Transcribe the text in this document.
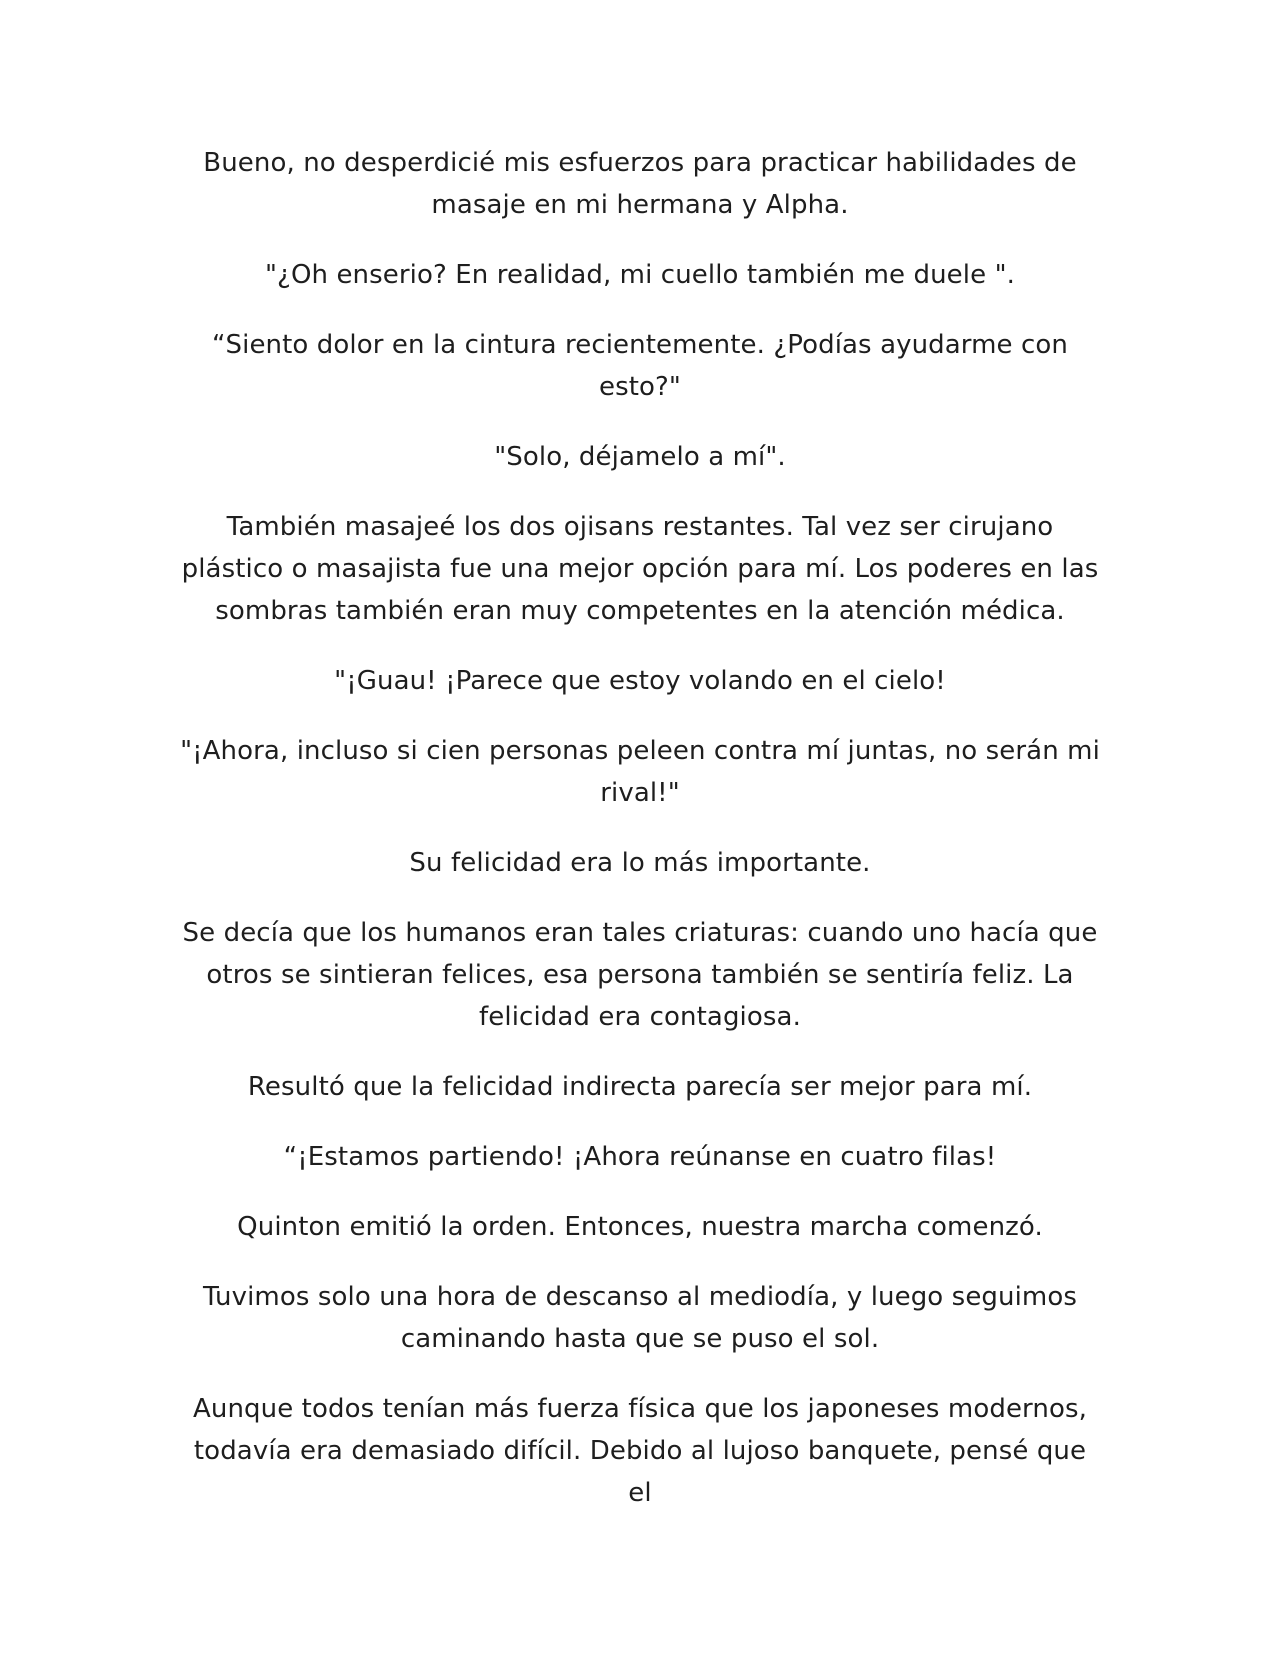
Bueno, no desperdicié mis esfuerzos para practicar habilidades de masaje en mi hermana y Alpha.

"¿Oh enserio? En realidad, mi cuello también me duele ".

“Siento dolor en la cintura recientemente. ¿Podías ayudarme con esto?"

"Solo, déjamelo a mí".

También masajeé los dos ojisans restantes. Tal vez ser cirujano plástico o masajista fue una mejor opción para mí. Los poderes en las sombras también eran muy competentes en la atención médica.

"¡Guau! ¡Parece que estoy volando en el cielo!

"¡Ahora, incluso si cien personas peleen contra mí juntas, no serán mi rival!"

Su felicidad era lo más importante.

Se decía que los humanos eran tales criaturas: cuando uno hacía que otros se sintieran felices, esa persona también se sentiría feliz. La felicidad era contagiosa.

Resultó que la felicidad indirecta parecía ser mejor para mí.

“¡Estamos partiendo! ¡Ahora reúnanse en cuatro filas!

Quinton emitió la orden. Entonces, nuestra marcha comenzó.

Tuvimos solo una hora de descanso al mediodía, y luego seguimos caminando hasta que se puso el sol.

Aunque todos tenían más fuerza física que los japoneses modernos, todavía era demasiado difícil. Debido al lujoso banquete, pensé que el
